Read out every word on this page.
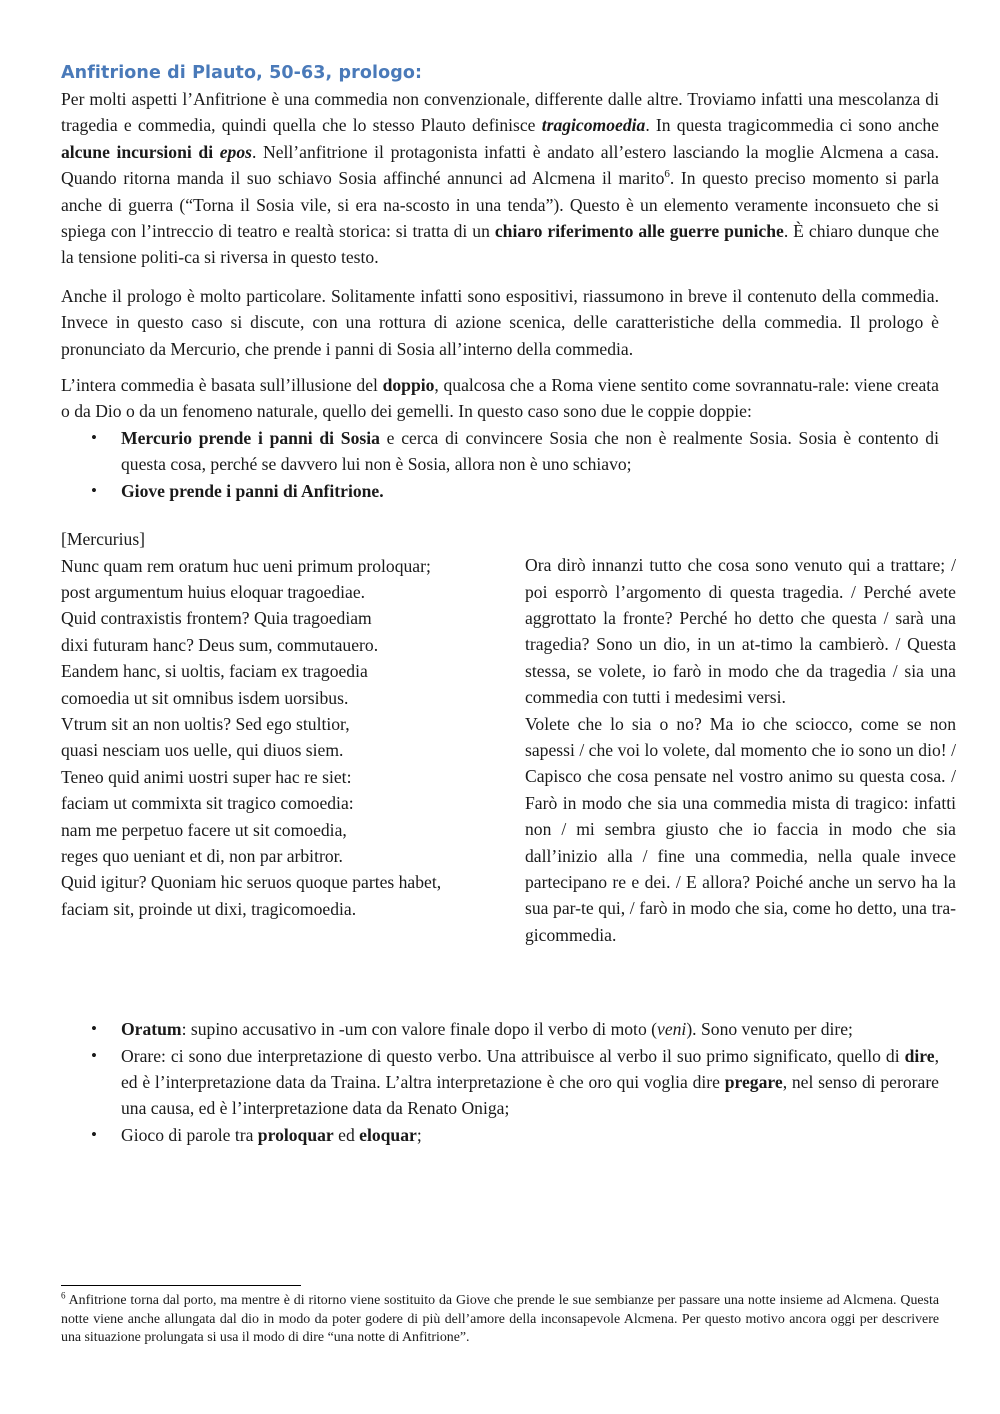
Anfitrione di Plauto, 50-63, prologo:

Per molti aspetti l’Anfitrione è una commedia non convenzionale, differente dalle altre. Troviamo infatti una mescolanza di tragedia e commedia, quindi quella che lo stesso Plauto definisce tragicomoedia. In questa tragicommedia ci sono anche alcune incursioni di epos. Nell’anfitrione il protagonista infatti è andato all’estero lasciando la moglie Alcmena a casa. Quando ritorna manda il suo schiavo Sosia affinché annunci ad Alcmena il marito$^6$. In questo preciso momento si parla anche di guerra (“Torna il Sosia vile, si era na-scosto in una tenda”). Questo è un elemento veramente inconsueto che si spiega con l’intreccio di teatro e realtà storica: si tratta di un chiaro riferimento alle guerre puniche. È chiaro dunque che la tensione politi-ca si riversa in questo testo.

Anche il prologo è molto particolare. Solitamente infatti sono espositivi, riassumono in breve il contenuto della commedia. Invece in questo caso si discute, con una rottura di azione scenica, delle caratteristiche della commedia. Il prologo è pronunciato da Mercurio, che prende i panni di Sosia all’interno della commedia.

L’intera commedia è basata sull’illusione del doppio, qualcosa che a Roma viene sentito come sovrannatu-rale: viene creata o da Dio o da un fenomeno naturale, quello dei gemelli. In questo caso sono due le coppie doppie:

• Mercurio prende i panni di Sosia e cerca di convincere Sosia che non è realmente Sosia. Sosia è contento di questa cosa, perché se davvero lui non è Sosia, allora non è uno schiavo;
• Giove prende i panni di Anfitrione.
[Mercurius]
Nunc quam rem oratum huc ueni primum proloquar;
post argumentum huius eloquar tragoediae.
Quid contraxistis frontem? Quia tragoediam
dixi futuram hanc? Deus sum, commutauero.
Eandem hanc, si uoltis, faciam ex tragoedia
comoedia ut sit omnibus isdem uorsibus.
Vtrum sit an non uoltis? Sed ego stultior,
quasi nesciam uos uelle, qui diuos siem.
Teneo quid animi uostri super hac re siet:
faciam ut commixta sit tragico comoedia:
nam me perpetuo facere ut sit comoedia,
reges quo ueniant et di, non par arbitror.
Quid igitur? Quoniam hic seruos quoque partes habet,
faciam sit, proinde ut dixi, tragicomoedia.
Ora dirò innanzi tutto che cosa sono venuto qui a trattare; / poi esporrò l’argomento di questa tragedia. / Perché avete aggrottato la fronte? Perché ho detto che questa / sarà una tragedia? Sono un dio, in un at-timo la cambierò. / Questa stessa, se volete, io farò in modo che da tragedia / sia una commedia con tutti i medesimi versi.
Volete che lo sia o no? Ma io che sciocco, come se non sapessi / che voi lo volete, dal momento che io sono un dio! / Capisco che cosa pensate nel vostro animo su questa cosa. / Farò in modo che sia una commedia mista di tragico: infatti non / mi sembra giusto che io faccia in modo che sia dall’inizio alla / fine una commedia, nella quale invece partecipano re e dei. / E allora? Poiché anche un servo ha la sua par-te qui, / farò in modo che sia, come ho detto, una tra-gicommedia.
• Oratum: supino accusativo in -um con valore finale dopo il verbo di moto (veni). Sono venuto per dire;
• Orare: ci sono due interpretazione di questo verbo. Una attribuisce al verbo il suo primo significato, quello di dire, ed è l’interpretazione data da Traina. L’altra interpretazione è che oro qui voglia dire pregare, nel senso di perorare una causa, ed è l’interpretazione data da Renato Oniga;
• Gioco di parole tra proloquar ed eloquar;
$^6$ Anfitrione torna dal porto, ma mentre è di ritorno viene sostituito da Giove che prende le sue sembianze per passare una notte insieme ad Alcmena. Questa notte viene anche allungata dal dio in modo da poter godere di più dell’amore della inconsapevole Alcmena. Per questo motivo ancora oggi per descrivere una situazione prolungata si usa il modo di dire “una notte di Anfitrione”.
